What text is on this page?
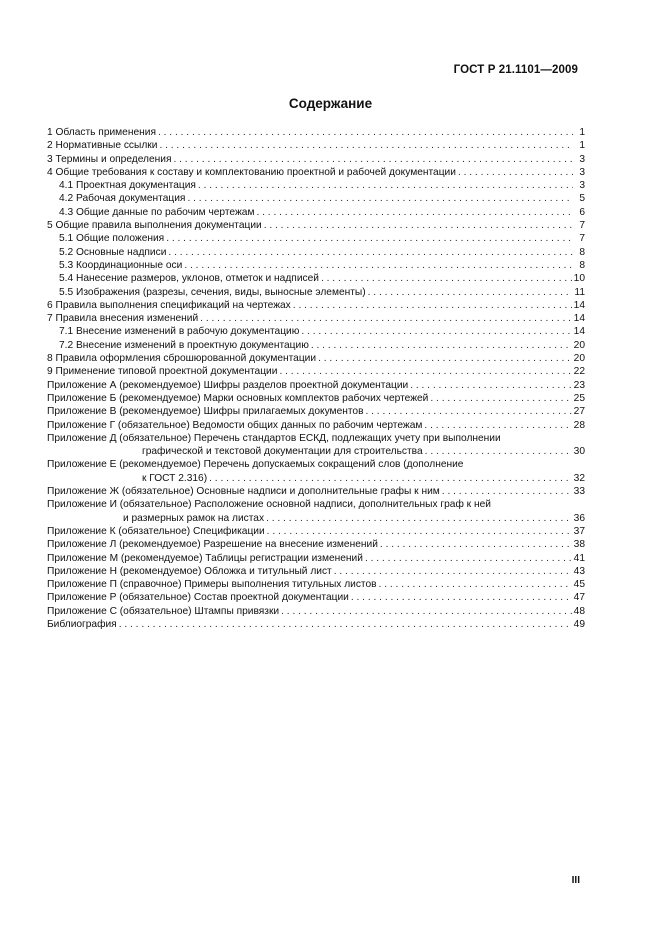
ГОСТ Р 21.1101—2009
Содержание
1 Область применения . . .	1
2 Нормативные ссылки . . .	1
3 Термины и определения . . .	3
4 Общие требования к составу и комплектованию проектной и рабочей документации . . .	3
4.1 Проектная документация . . .	3
4.2 Рабочая документация . . .	5
4.3 Общие данные по рабочим чертежам . . .	6
5 Общие правила выполнения документации . . .	7
5.1 Общие положения . . .	7
5.2 Основные надписи . . .	8
5.3 Координационные оси . . .	8
5.4 Нанесение размеров, уклонов, отметок и надписей . . .	10
5.5 Изображения (разрезы, сечения, виды, выносные элементы) . . .	11
6 Правила выполнения спецификаций на чертежах . . .	14
7 Правила внесения изменений . . .	14
7.1 Внесение изменений в рабочую документацию . . .	14
7.2 Внесение изменений в проектную документацию . . .	20
8 Правила оформления сброшюрованной документации . . .	20
9 Применение типовой проектной документации . . .	22
Приложение А (рекомендуемое) Шифры разделов проектной документации . . .	23
Приложение Б (рекомендуемое) Марки основных комплектов рабочих чертежей . . .	25
Приложение В (рекомендуемое) Шифры прилагаемых документов . . .	27
Приложение Г (обязательное) Ведомости общих данных по рабочим чертежам . . .	28
Приложение Д (обязательное) Перечень стандартов ЕСКД, подлежащих учету при выполнении
графической и текстовой документации для строительства . . .	30
Приложение Е (рекомендуемое) Перечень допускаемых сокращений слов (дополнение
к ГОСТ 2.316) . . .	32
Приложение Ж (обязательное) Основные надписи и дополнительные графы к ним . . .	33
Приложение И (обязательное) Расположение основной надписи, дополнительных граф к ней
и размерных рамок на листах . . .	36
Приложение К (обязательное) Спецификации . . .	37
Приложение Л (рекомендуемое) Разрешение на внесение изменений . . .	38
Приложение М (рекомендуемое) Таблицы регистрации изменений . . .	41
Приложение Н (рекомендуемое) Обложка и титульный лист . . .	43
Приложение П (справочное) Примеры выполнения титульных листов . . .	45
Приложение Р (обязательное) Состав проектной документации . . .	47
Приложение С (обязательное) Штампы привязки . . .	48
Библиография . . .	49
III
